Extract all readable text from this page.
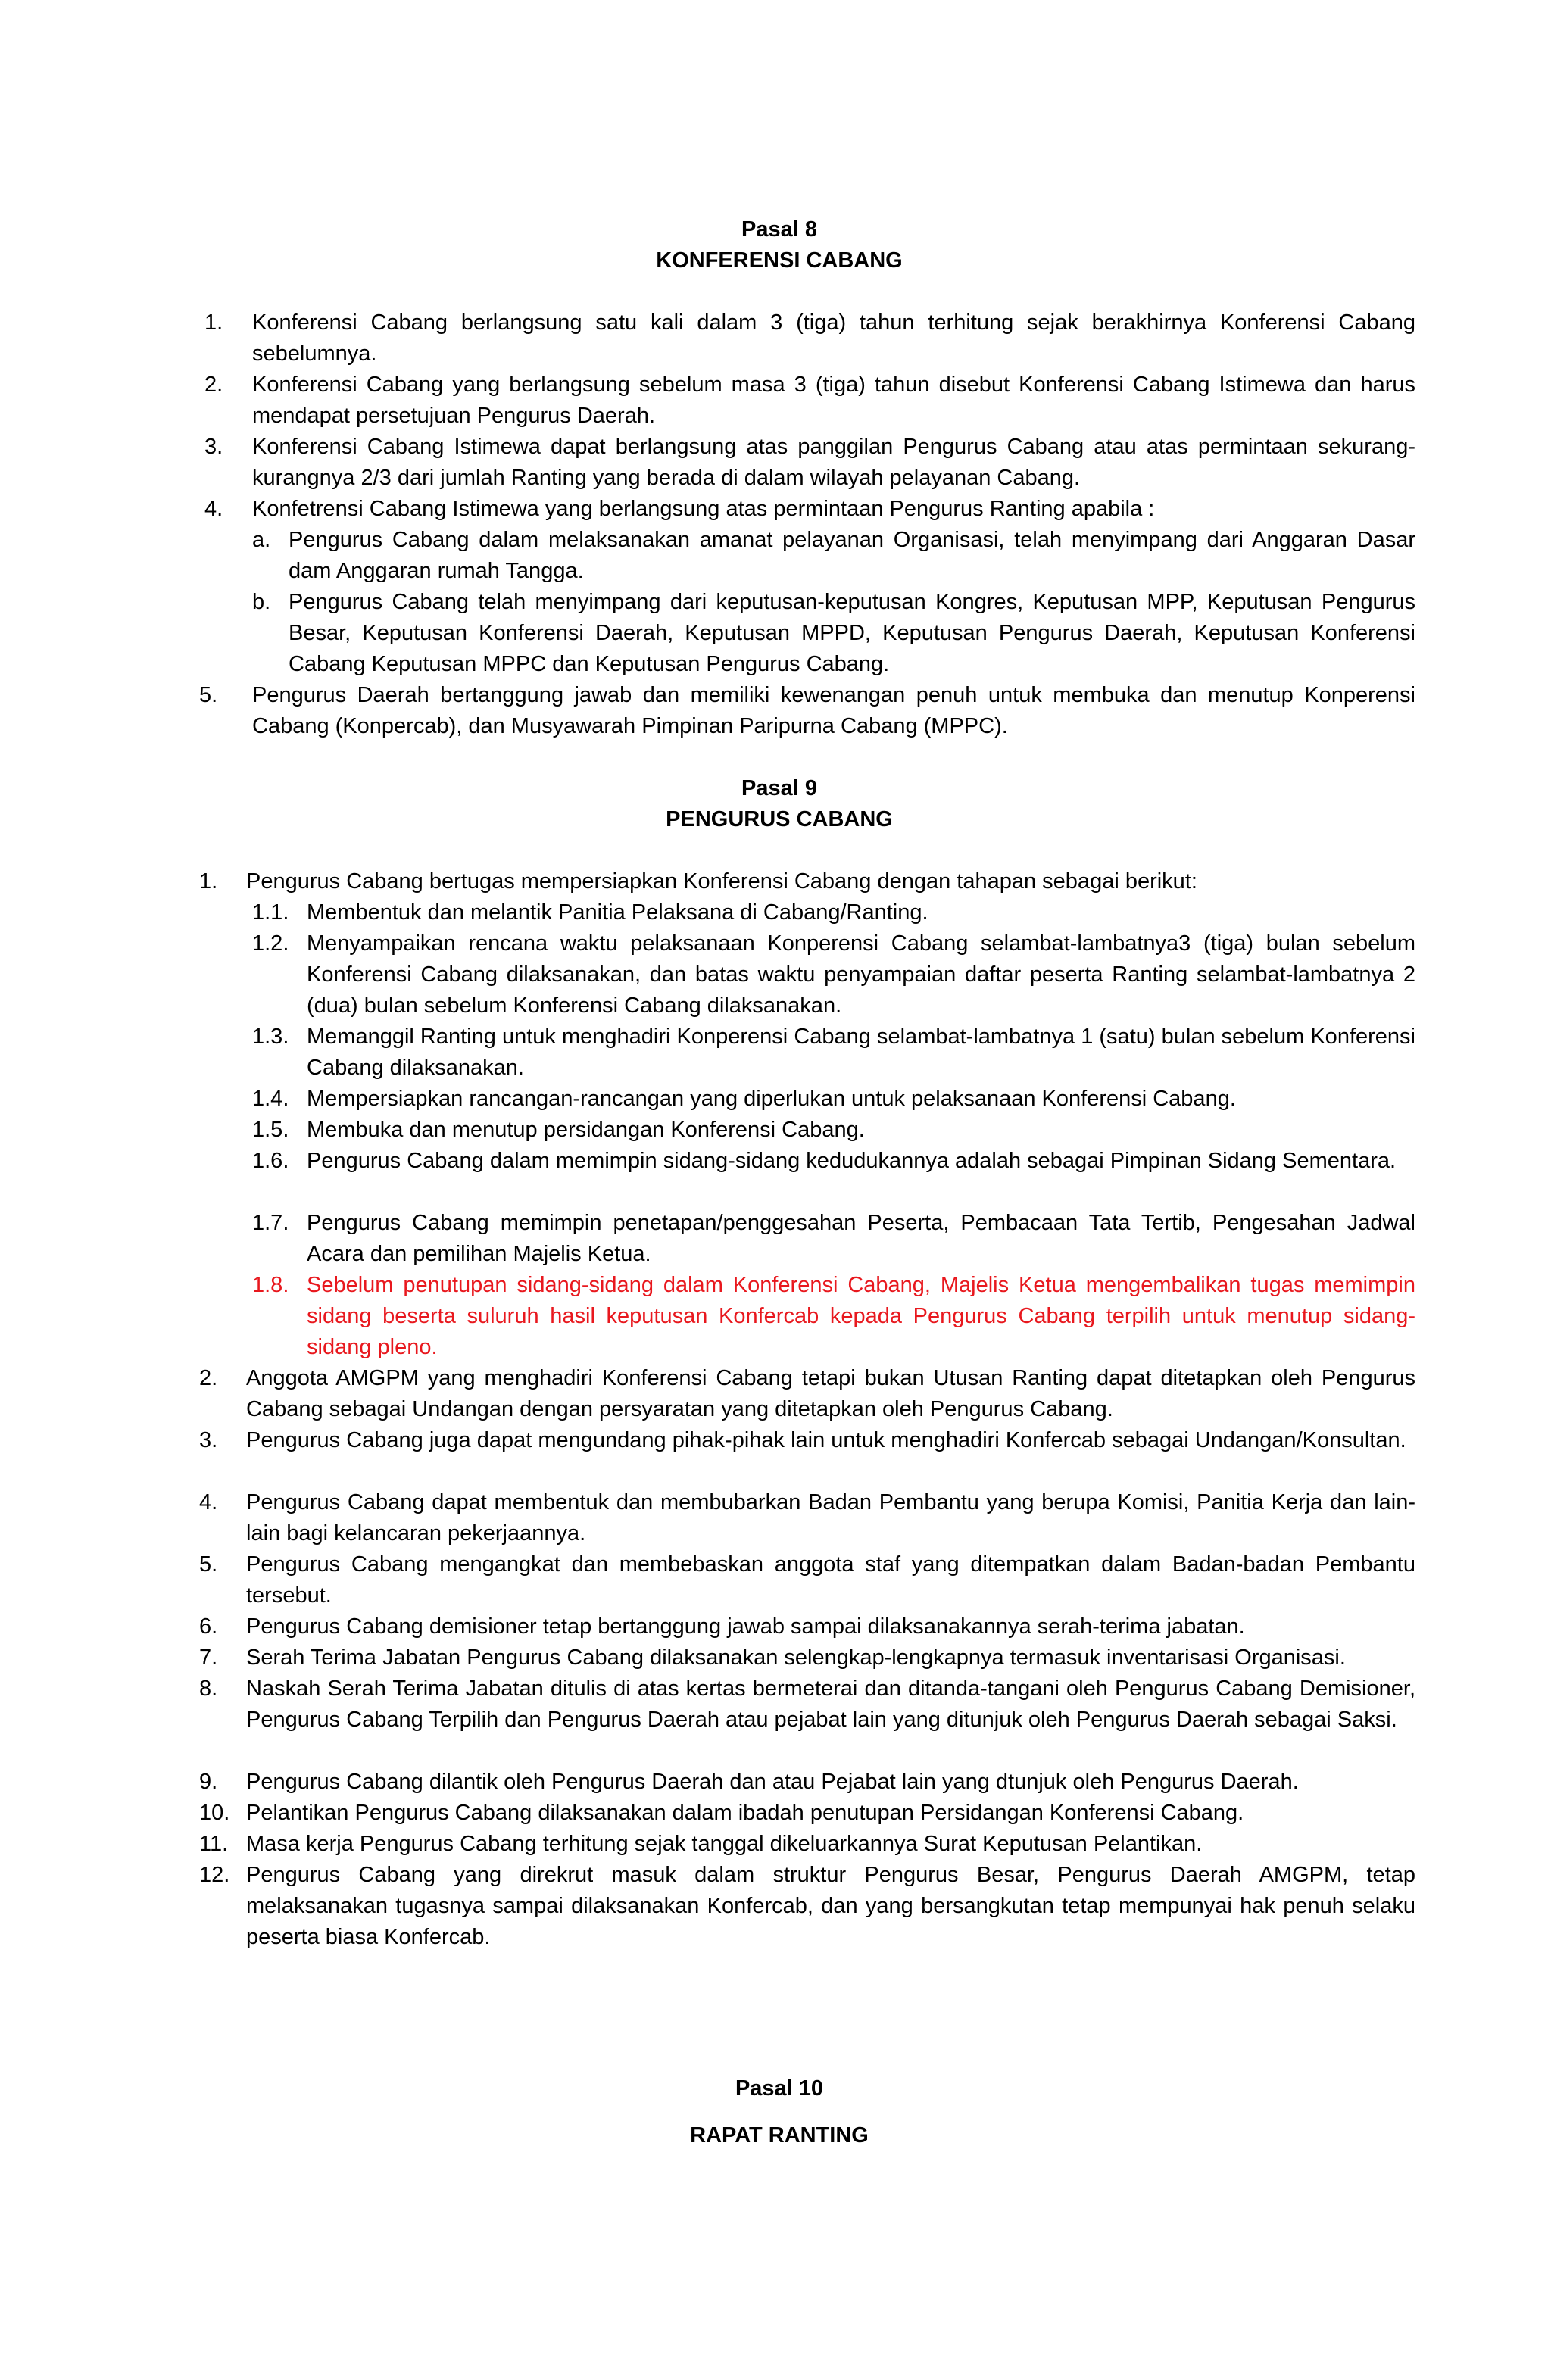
Pasal 8
KONFERENSI CABANG
1. Konferensi Cabang berlangsung satu kali dalam 3 (tiga) tahun terhitung sejak berakhirnya Konferensi Cabang sebelumnya.
2. Konferensi Cabang yang berlangsung sebelum masa 3 (tiga) tahun disebut Konferensi Cabang Istimewa dan harus mendapat persetujuan Pengurus Daerah.
3. Konferensi Cabang Istimewa dapat berlangsung atas panggilan Pengurus Cabang atau atas permintaan sekurang-kurangnya 2/3 dari jumlah Ranting yang berada di dalam wilayah pelayanan Cabang.
4. Konfetrensi Cabang Istimewa yang berlangsung atas permintaan Pengurus Ranting apabila :
a. Pengurus Cabang dalam melaksanakan amanat pelayanan Organisasi, telah menyimpang dari Anggaran Dasar dam Anggaran rumah Tangga.
b. Pengurus Cabang telah menyimpang dari keputusan-keputusan Kongres, Keputusan MPP, Keputusan Pengurus Besar, Keputusan Konferensi Daerah, Keputusan MPPD, Keputusan Pengurus Daerah, Keputusan Konferensi Cabang Keputusan MPPC dan Keputusan Pengurus Cabang.
5. Pengurus Daerah bertanggung jawab dan memiliki kewenangan penuh untuk membuka dan menutup Konperensi Cabang (Konpercab), dan Musyawarah Pimpinan Paripurna Cabang (MPPC).
Pasal 9
PENGURUS CABANG
1. Pengurus Cabang bertugas mempersiapkan Konferensi Cabang dengan tahapan sebagai berikut:
1.1. Membentuk dan melantik Panitia Pelaksana di Cabang/Ranting.
1.2. Menyampaikan rencana waktu pelaksanaan Konperensi Cabang selambat-lambatnya3 (tiga) bulan sebelum Konferensi Cabang dilaksanakan, dan batas waktu penyampaian daftar peserta Ranting selambat-lambatnya 2 (dua) bulan sebelum Konferensi Cabang dilaksanakan.
1.3. Memanggil Ranting untuk menghadiri Konperensi Cabang selambat-lambatnya 1 (satu) bulan sebelum Konferensi Cabang dilaksanakan.
1.4. Mempersiapkan rancangan-rancangan yang diperlukan untuk pelaksanaan Konferensi Cabang.
1.5. Membuka dan menutup persidangan Konferensi Cabang.
1.6. Pengurus Cabang dalam memimpin sidang-sidang kedudukannya adalah sebagai Pimpinan Sidang Sementara.
1.7. Pengurus Cabang memimpin penetapan/penggesahan Peserta, Pembacaan Tata Tertib, Pengesahan Jadwal Acara dan pemilihan Majelis Ketua.
1.8. Sebelum penutupan sidang-sidang dalam Konferensi Cabang, Majelis Ketua mengembalikan tugas memimpin sidang beserta suluruh hasil keputusan Konfercab kepada Pengurus Cabang terpilih untuk menutup sidang-sidang pleno.
2. Anggota AMGPM yang menghadiri Konferensi Cabang tetapi bukan Utusan Ranting dapat ditetapkan oleh Pengurus Cabang sebagai Undangan dengan persyaratan yang ditetapkan oleh Pengurus Cabang.
3. Pengurus Cabang juga dapat mengundang pihak-pihak lain untuk menghadiri Konfercab sebagai Undangan/Konsultan.
4. Pengurus Cabang dapat membentuk dan membubarkan Badan Pembantu yang berupa Komisi, Panitia Kerja dan lain-lain bagi kelancaran pekerjaannya.
5. Pengurus Cabang mengangkat dan membebaskan anggota staf yang ditempatkan dalam Badan-badan Pembantu tersebut.
6. Pengurus Cabang demisioner tetap bertanggung jawab sampai dilaksanakannya serah-terima jabatan.
7. Serah Terima Jabatan Pengurus Cabang dilaksanakan selengkap-lengkapnya termasuk inventarisasi Organisasi.
8. Naskah Serah Terima Jabatan ditulis di atas kertas bermeterai dan ditanda-tangani oleh Pengurus Cabang Demisioner, Pengurus Cabang Terpilih dan Pengurus Daerah atau pejabat lain yang ditunjuk oleh Pengurus Daerah sebagai Saksi.
9. Pengurus Cabang dilantik oleh Pengurus Daerah dan atau Pejabat lain yang dtunjuk oleh Pengurus Daerah.
10. Pelantikan Pengurus Cabang dilaksanakan dalam ibadah penutupan Persidangan Konferensi Cabang.
11. Masa kerja Pengurus Cabang terhitung sejak tanggal dikeluarkannya Surat Keputusan Pelantikan.
12. Pengurus Cabang yang direkrut masuk dalam struktur Pengurus Besar, Pengurus Daerah AMGPM, tetap melaksanakan tugasnya sampai dilaksanakan Konfercab, dan yang bersangkutan tetap mempunyai hak penuh selaku peserta biasa Konfercab.
Pasal 10
RAPAT RANTING
